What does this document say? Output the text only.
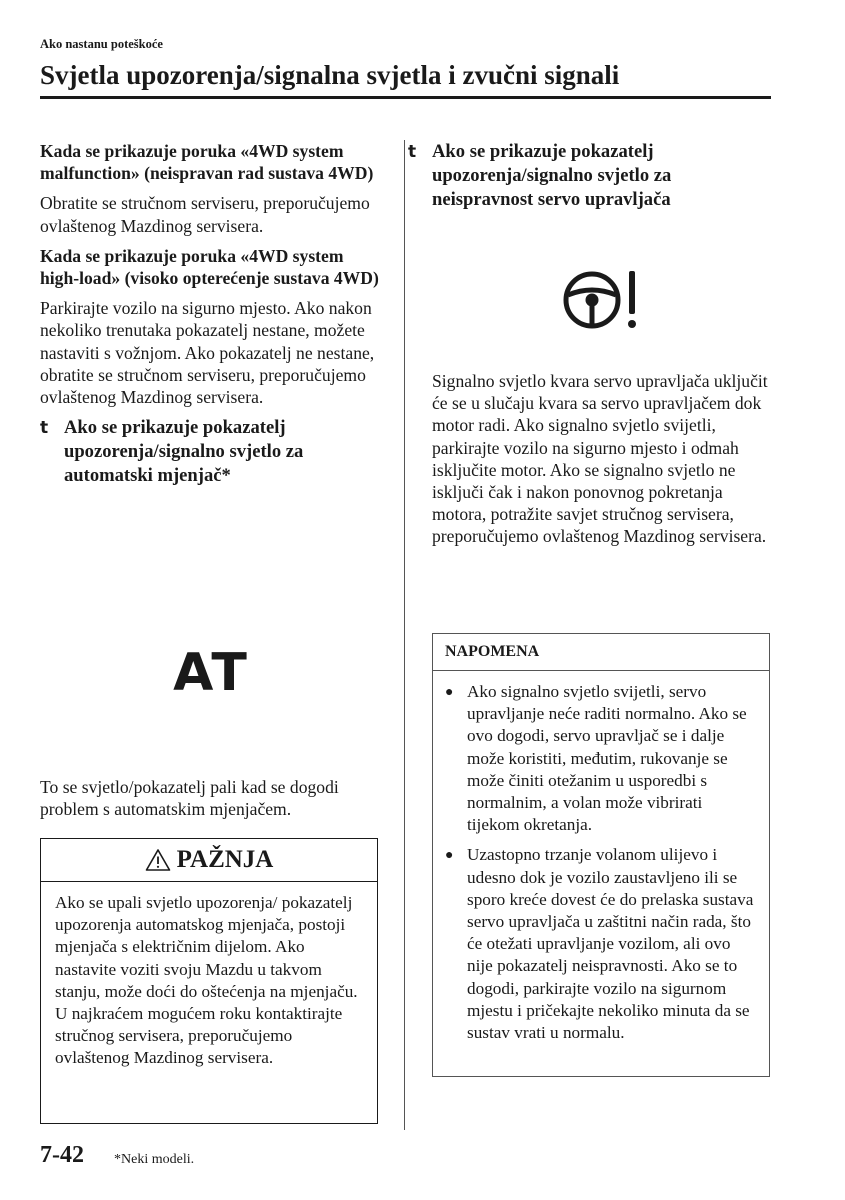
Ako nastanu poteškoće
Svjetla upozorenja/signalna svjetla i zvučni signali

Kada se prikazuje poruka «4WD system malfunction» (neispravan rad sustava 4WD)

Obratite se stručnom serviseru, preporučujemo ovlaštenog Mazdinog servisera.

Kada se prikazuje poruka «4WD system high-load» (visoko opterećenje sustava 4WD)

Parkirajte vozilo na sigurno mjesto. Ako nakon nekoliko trenutaka pokazatelj nestane, možete nastaviti s vožnjom. Ako pokazatelj ne nestane, obratite se stručnom serviseru, preporučujemo ovlaštenog Mazdinog servisera.

t Ako se prikazuje pokazatelj upozorenja/signalno svjetlo za automatski mjenjač*
AT

To se svjetlo/pokazatelj pali kad se dogodi problem s automatskim mjenjačem.

PAŽNJA
Ako se upali svjetlo upozorenja/ pokazatelj upozorenja automatskog mjenjača, postoji mjenjača s električnim dijelom. Ako nastavite voziti svoju Mazdu u takvom stanju, može doći do oštećenja na mjenjaču. U najkraćem mogućem roku kontaktirajte stručnog servisera, preporučujemo ovlaštenog Mazdinog servisera.
t Ako se prikazuje pokazatelj upozorenja/signalno svjetlo za neispravnost servo upravljača

Signalno svjetlo kvara servo upravljača uključit će se u slučaju kvara sa servo upravljačem dok motor radi. Ako signalno svjetlo svijetli, parkirajte vozilo na sigurno mjesto i odmah isključite motor. Ako se signalno svjetlo ne isključi čak i nakon ponovnog pokretanja motora, potražite savjet stručnog servisera, preporučujemo ovlaštenog Mazdinog servisera.

NAPOMENA
● Ako signalno svjetlo svijetli, servo upravljanje neće raditi normalno. Ako se ovo dogodi, servo upravljač se i dalje može koristiti, međutim, rukovanje se može činiti otežanim u usporedbi s normalnim, a volan može vibrirati tijekom okretanja.
● Uzastopno trzanje volanom ulijevo i udesno dok je vozilo zaustavljeno ili se sporo kreće dovest će do prelaska sustava servo upravljača u zaštitni način rada, što će otežati upravljanje vozilom, ali ovo nije pokazatelj neispravnosti. Ako se to dogodi, parkirajte vozilo na sigurnom mjestu i pričekajte nekoliko minuta da se sustav vrati u normalu.
7-42 *Neki modeli.
